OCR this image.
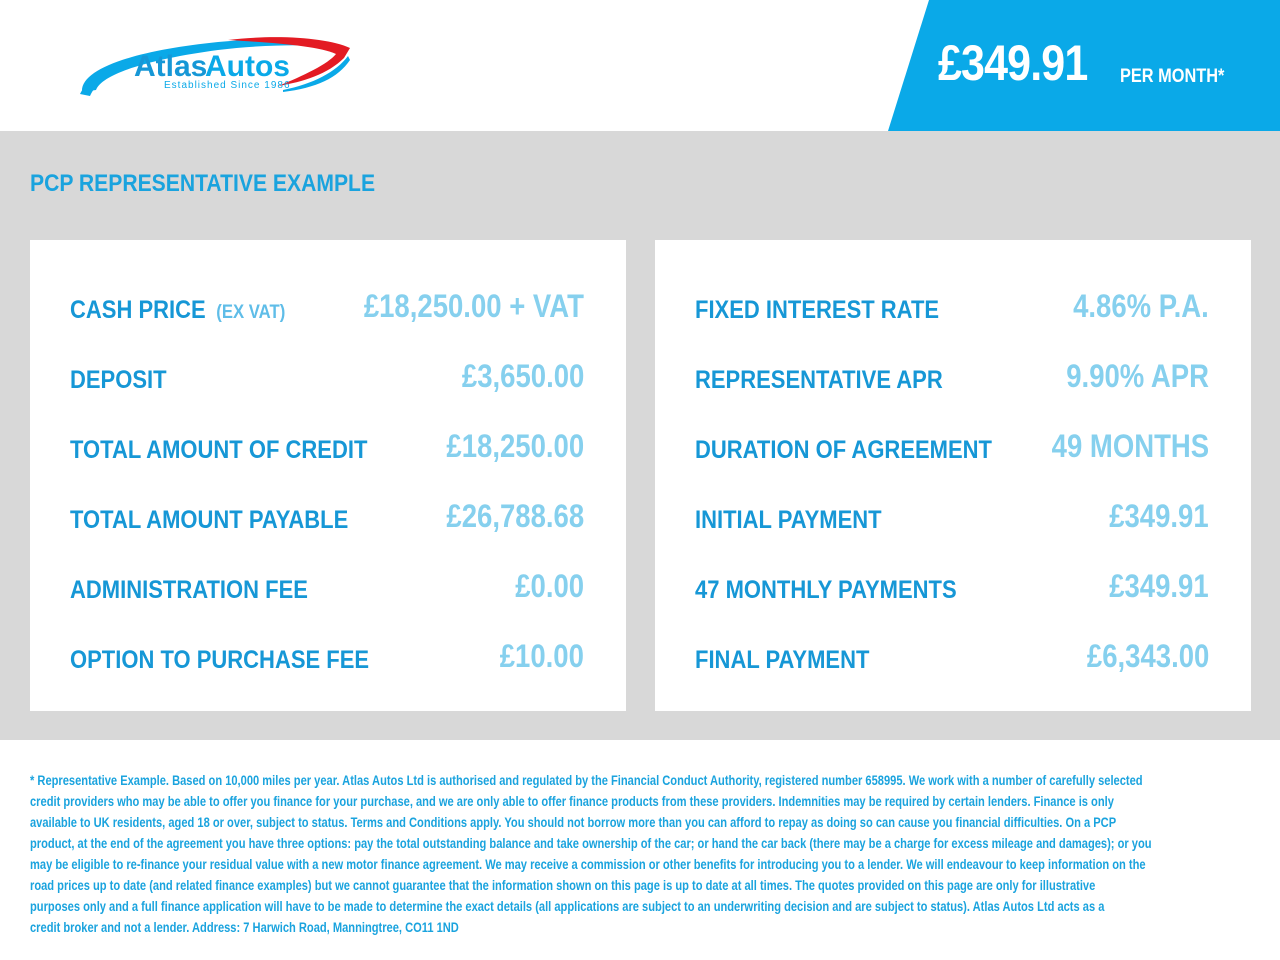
Atlas
Autos
Established Since 1986	£349.91 PER MONTH*
PCP REPRESENTATIVE EXAMPLE
CASH PRICE (EX VAT) £18,250.00 + VAT
DEPOSIT	£3,650.00
TOTAL AMOUNT OF CREDIT £18,250.00
TOTAL AMOUNT PAYABLE	£26,788.68
ADMINISTRATION FEE	£0.00
OPTION TO PURCHASE FEE	£10.00
FIXED INTEREST RATE	4.86% P.A.
REPRESENTATIVE APR	9.90% APR
DURATION OF AGREEMENT 49 MONTHS
INITIAL PAYMENT	£349.91
47 MONTHLY PAYMENTS	£349.91
FINAL PAYMENT	£6,343.00
* Representative Example. Based on 10,000 miles per year. Atlas Autos Ltd is authorised and regulated by the Financial Conduct Authority, registered number 658995. We work with a number of carefully selected
credit providers who may be able to offer you finance for your purchase, and we are only able to offer finance products from these providers. Indemnities may be required by certain lenders. Finance is only
available to UK residents, aged 18 or over, subject to status. Terms and Conditions apply. You should not borrow more than you can afford to repay as doing so can cause you financial difficulties. On a PCP
product, at the end of the agreement you have three options: pay the total outstanding balance and take ownership of the car; or hand the car back (there may be a charge for excess mileage and damages); or you
may be eligible to re-finance your residual value with a new motor finance agreement. We may receive a commission or other benefits for introducing you to a lender. We will endeavour to keep information on the
road prices up to date (and related finance examples) but we cannot guarantee that the information shown on this page is up to date at all times. The quotes provided on this page are only for illustrative
purposes only and a full finance application will have to be made to determine the exact details (all applications are subject to an underwriting decision and are subject to status). Atlas Autos Ltd acts as a
credit broker and not a lender. Address: 7 Harwich Road, Manningtree, CO11 1ND
